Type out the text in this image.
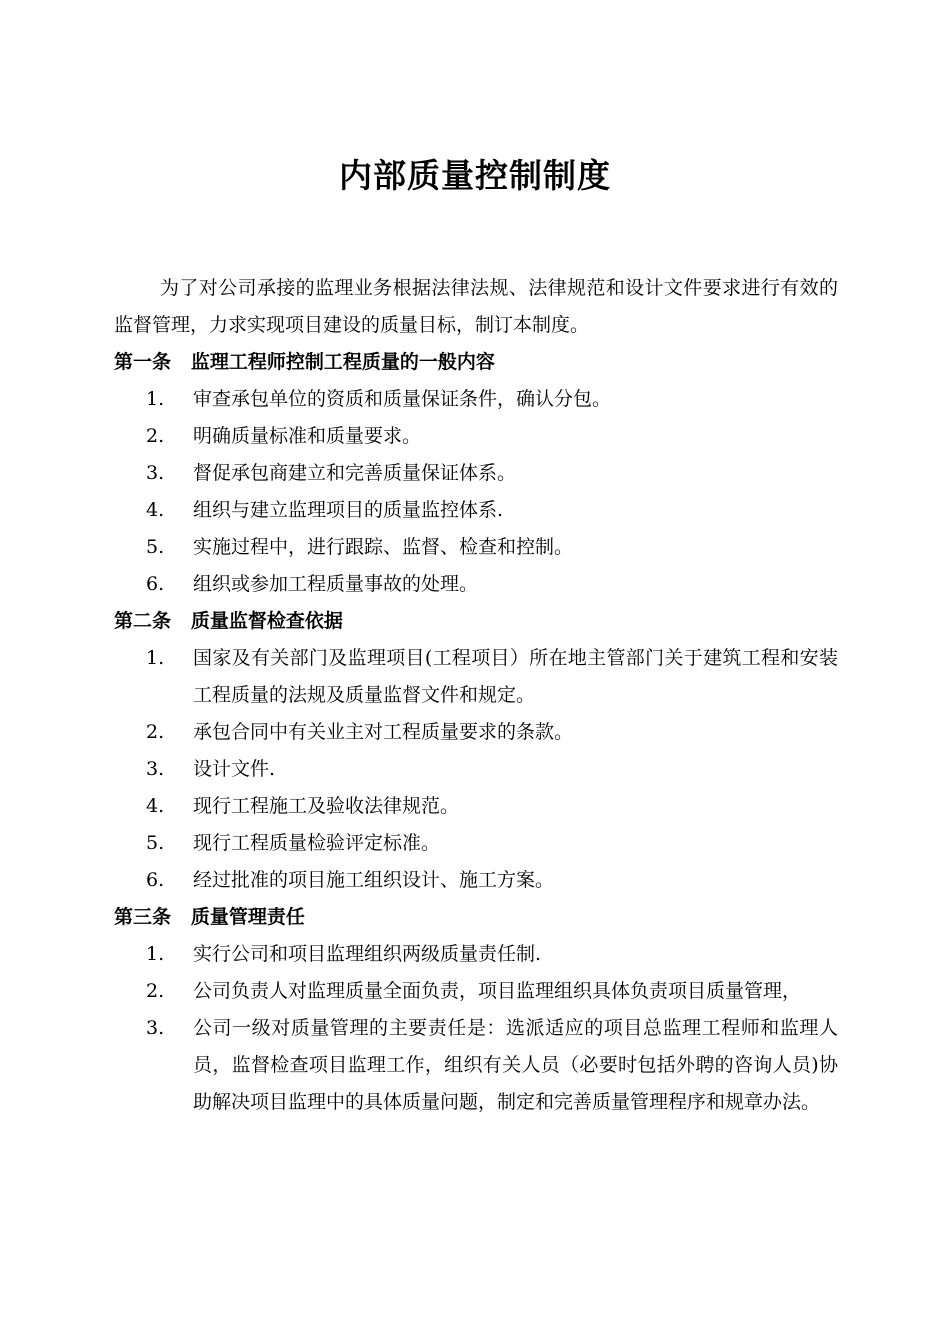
内部质量控制制度

为了对公司承接的监理业务根据法律法规、法律规范和设计文件要求进行有效的监督管理，力求实现项目建设的质量目标，制订本制度。

第一条   监理工程师控制工程质量的一般内容

1.	审查承包单位的资质和质量保证条件，确认分包。
2.	明确质量标准和质量要求。
3.	督促承包商建立和完善质量保证体系。
4.	组织与建立监理项目的质量监控体系.
5.	实施过程中，进行跟踪、监督、检查和控制。
6.	组织或参加工程质量事故的处理。

第二条   质量监督检查依据

1.	国家及有关部门及监理项目(工程项目）所在地主管部门关于建筑工程和安装工程质量的法规及质量监督文件和规定。
2.	承包合同中有关业主对工程质量要求的条款。
3.	设计文件.
4.	现行工程施工及验收法律规范。
5.	现行工程质量检验评定标准。
6.	经过批准的项目施工组织设计、施工方案。

第三条   质量管理责任

1.	实行公司和项目监理组织两级质量责任制.
2.	公司负责人对监理质量全面负责，项目监理组织具体负责项目质量管理，
3.	公司一级对质量管理的主要责任是：选派适应的项目总监理工程师和监理人员，监督检查项目监理工作，组织有关人员（必要时包括外聘的咨询人员)协助解决项目监理中的具体质量问题，制定和完善质量管理程序和规章办法。
